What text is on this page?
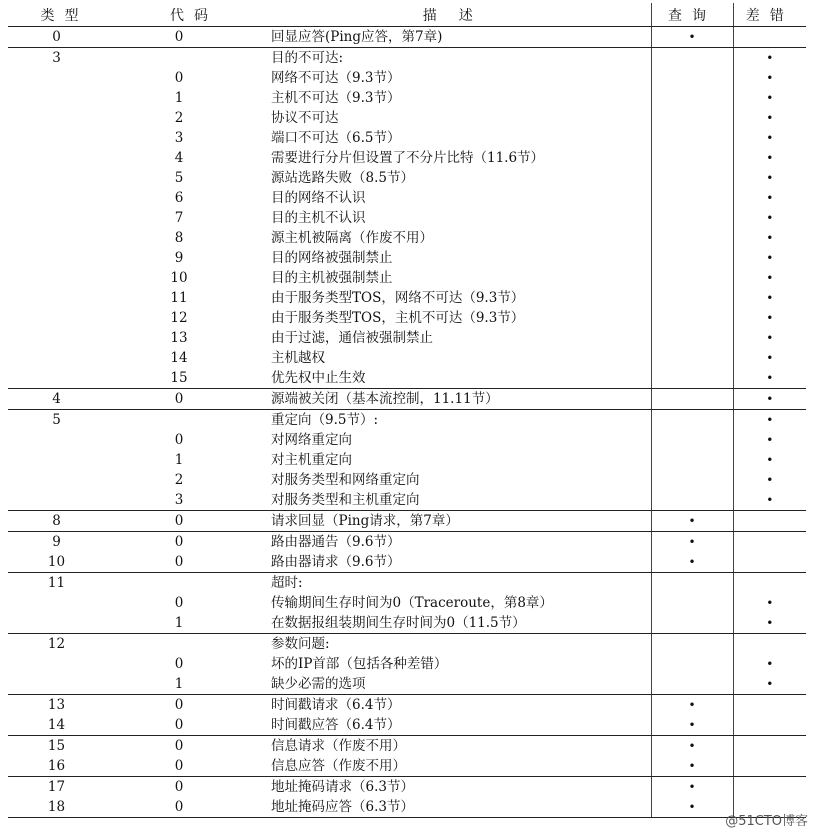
类型	代码	描述	查询	差错
0	0	回显应答(Ping应答，第7章)	•	
3		目的不可达:		•
	0	网络不可达（9.3节）		•
	1	主机不可达（9.3节）		•
	2	协议不可达		•
	3	端口不可达（6.5节）		•
	4	需要进行分片但设置了不分片比特（11.6节）		•
	5	源站选路失败（8.5节）		•
	6	目的网络不认识		•
	7	目的主机不认识		•
	8	源主机被隔离（作废不用）		•
	9	目的网络被强制禁止		•
	10	目的主机被强制禁止		•
	11	由于服务类型TOS，网络不可达（9.3节）		•
	12	由于服务类型TOS，主机不可达（9.3节）		•
	13	由于过滤，通信被强制禁止		•
	14	主机越权		•
	15	优先权中止生效		•
4	0	源端被关闭（基本流控制，11.11节）		•
5		重定向（9.5节）:		•
	0	对网络重定向		•
	1	对主机重定向		•
	2	对服务类型和网络重定向		•
	3	对服务类型和主机重定向		•
8	0	请求回显（Ping请求，第7章）	•	
9	0	路由器通告（9.6节）	•	
10	0	路由器请求（9.6节）	•	
11		超时:		
	0	传输期间生存时间为0（Traceroute，第8章）		•
	1	在数据报组装期间生存时间为0（11.5节）		•
12		参数问题:		
	0	坏的IP首部（包括各种差错）		•
	1	缺少必需的选项		•
13	0	时间戳请求（6.4节）	•	
14	0	时间戳应答（6.4节）	•	
15	0	信息请求（作废不用）	•	
16	0	信息应答（作废不用）	•	
17	0	地址掩码请求（6.3节）	•	
18	0	地址掩码应答（6.3节）	•	
@51CTO博客
